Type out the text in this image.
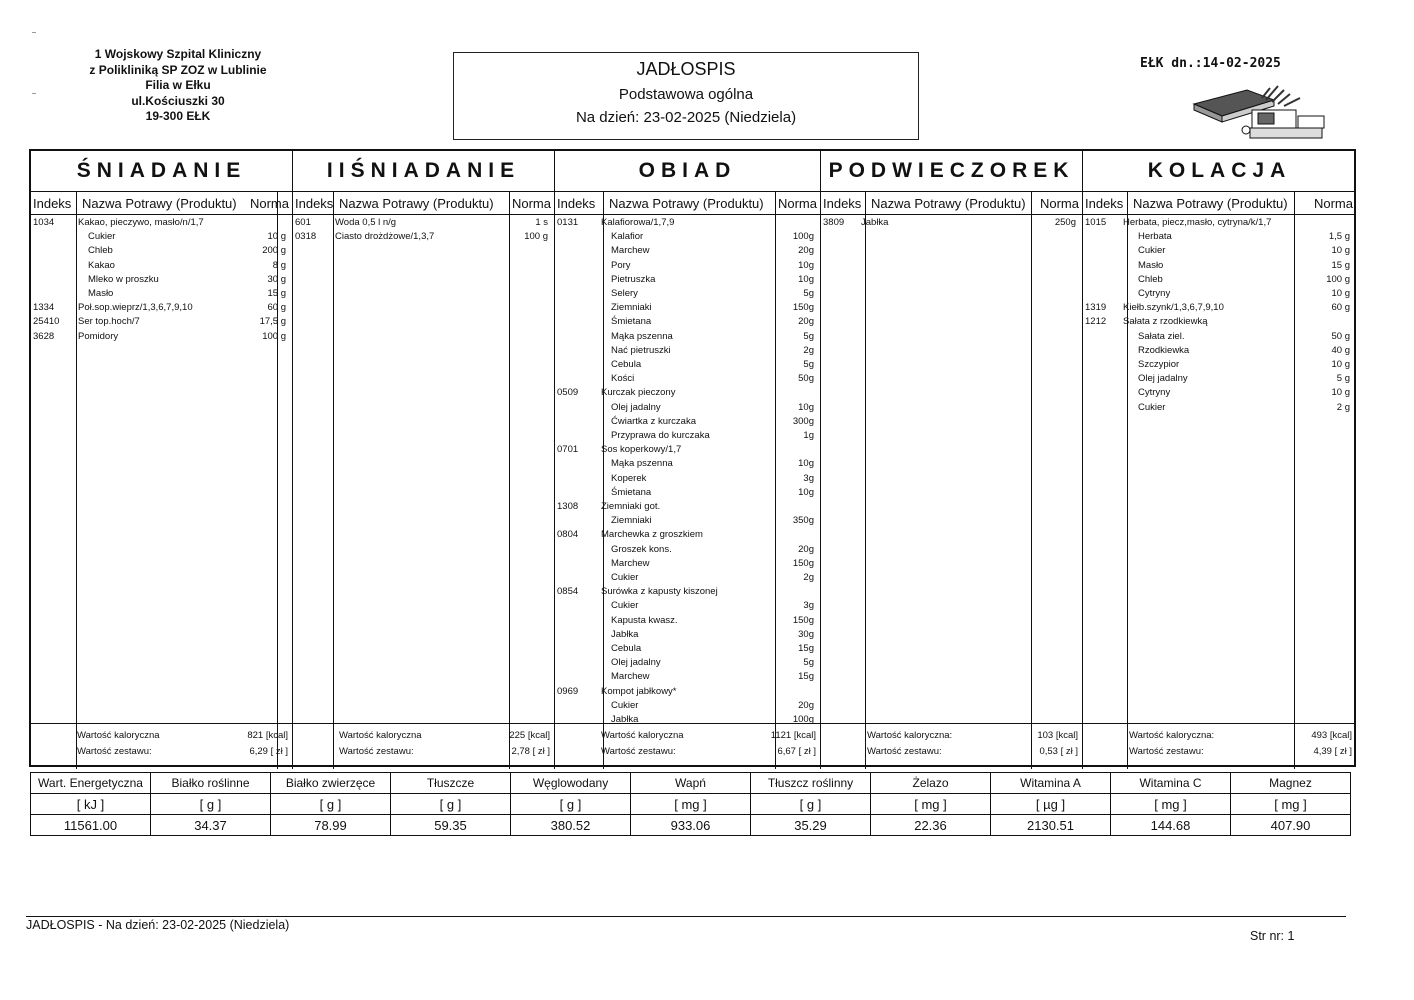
1 Wojskowy Szpital Kliniczny
z Polikliniką SP ZOZ w Lublinie
Filia w Ełku
ul.Kościuszki 30
19-300 EŁK
JADŁOSPIS
Podstawowa ogólna
Na dzień: 23-02-2025 (Niedziela)
EŁK dn.:14-02-2025
ŚNIADANIE
Indeks Nazwa Potrawy (Produktu) Norma
1034	Kakao, pieczywo, masło/n/1,7
Cukier	10 g
Chleb	200 g
Kakao	8 g
Mleko w proszku	30 g
Masło	15 g
1334	Poł.sop.wieprz/1,3,6,7,9,10	60 g
25410 Ser top.hoch/7	17,5 g
3628	Pomidory	100 g
Wartość kaloryczna	821 [kcal]
Wartość zestawu:	6,29 [ zł ]
IIŚNIADANIE
Indeks Nazwa Potrawy (Produktu) Norma
601	Woda 0,5 l n/g	1 s
0318 Ciasto drożdżowe/1,3,7	100 g
Wartość kaloryczna	225 [kcal]
Wartość zestawu:	2,78 [ zł ]
OBIAD
Indeks Nazwa Potrawy (Produktu) Norma
0131 Kalafiorowa/1,7,9
Kalafior	100g
Marchew	20g
Pory	10g
Pietruszka	10g
Selery	5g
Ziemniaki	150g
Śmietana	20g
Mąka pszenna	5g
Nać pietruszki	2g
Cebula	5g
Kości	50g
0509 Kurczak pieczony
Olej jadalny	10g
Ćwiartka z kurczaka	300g
Przyprawa do kurczaka	1g
0701 Sos koperkowy/1,7
Mąka pszenna	10g
Koperek	3g
Śmietana	10g
1308 Ziemniaki got.
Ziemniaki	350g
0804 Marchewka z groszkiem
Groszek kons.	20g
Marchew	150g
Cukier	2g
0854 Surówka z kapusty kiszonej
Cukier	3g
Kapusta kwasz.	150g
Jabłka	30g
Cebula	15g
Olej jadalny	5g
Marchew	15g
0969 Kompot jabłkowy*
Cukier	20g
Jabłka	100g
Wartość kaloryczna	1121 [kcal]
Wartość zestawu:	6,67 [ zł ]
PODWIECZOREK
Indeks Nazwa Potrawy (Produktu) Norma
3809 Jabłka	250g
Wartość kaloryczna:	103 [kcal]
Wartość zestawu:	0,53 [ zł ]
KOLACJA
Indeks Nazwa Potrawy (Produktu) Norma
1015 Herbata, piecz,masło, cytryna/k/1,7
Herbata	1,5 g
Cukier	10 g
Masło	15 g
Chleb	100 g
Cytryny	10 g
1319 Kiełb.szynk/1,3,6,7,9,10	60 g
1212 Sałata z rzodkiewką
Sałata ziel.	50 g
Rzodkiewka	40 g
Szczypior	10 g
Olej jadalny	5 g
Cytryny	10 g
Cukier	2 g
Wartość kaloryczna:	493 [kcal]
Wartość zestawu:	4,39 [ zł ]
Wart. Energetyczna	Białko roślinne	Białko zwierzęce	Tłuszcze	Węglowodany	Wapń	Tłuszcz roślinny	Żelazo	Witamina A	Witamina C	Magnez
[ kJ ]	[ g ]	[ g ]	[ g ]	[ g ]	[ mg ]	[ g ]	[ mg ]	[ µg ]	[ mg ]	[ mg ]
11561.00	34.37	78.99	59.35	380.52	933.06	35.29	22.36	2130.51	144.68	407.90
JADŁOSPIS - Na dzień: 23-02-2025 (Niedziela)
Str nr: 1
